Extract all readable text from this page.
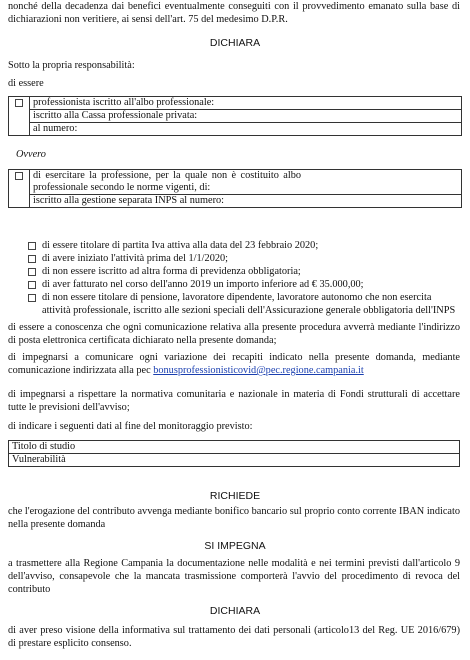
nonché della decadenza dai benefici eventualmente conseguiti con il provvedimento emanato sulla base di dichiarazioni non veritiere, ai sensi dell'art. 75 del medesimo D.P.R.
DICHIARA
Sotto la propria responsabilità:
di essere
	professionista iscritto all'albo professionale:
iscritto alla Cassa professionale privata:
al numero:
Ovvero
	di esercitare la professione, per la quale non è costituito albo professionale secondo le norme vigenti, di:
iscritto alla gestione separata INPS al numero:
di essere titolare di partita Iva attiva alla data del 23 febbraio 2020;
di avere iniziato l'attività prima del 1/1/2020;
di non essere iscritto ad altra forma di previdenza obbligatoria;
di aver fatturato nel corso dell'anno 2019 un importo inferiore ad € 35.000,00;
di non essere titolare di pensione, lavoratore dipendente, lavoratore autonomo che non esercita attività professionale, iscritto alle sezioni speciali dell'Assicurazione generale obbligatoria dell'INPS
di essere a conoscenza che ogni comunicazione relativa alla presente procedura avverrà mediante l'indirizzo di posta elettronica certificata dichiarato nella presente domanda;
di impegnarsi a comunicare ogni variazione dei recapiti indicato nella presente domanda, mediante comunicazione indirizzata alla pec bonusprofessionisticovid@pec.regione.campania.it
di impegnarsi a rispettare la normativa comunitaria e nazionale in materia di Fondi strutturali di accettare tutte le previsioni dell'avviso;
di indicare i seguenti dati al fine del monitoraggio previsto:
Titolo di studio
Vulnerabilità
RICHIEDE
che l'erogazione del contributo avvenga mediante bonifico bancario sul proprio conto corrente IBAN indicato nella presente domanda
SI IMPEGNA
a trasmettere alla Regione Campania la documentazione nelle modalità e nei termini previsti dall'articolo 9 dell'avviso, consapevole che la mancata trasmissione comporterà l'avvio del procedimento di revoca del contributo
DICHIARA
di aver preso visione della informativa sul trattamento dei dati personali (articolo13 del Reg. UE 2016/679) di prestare esplicito consenso.
